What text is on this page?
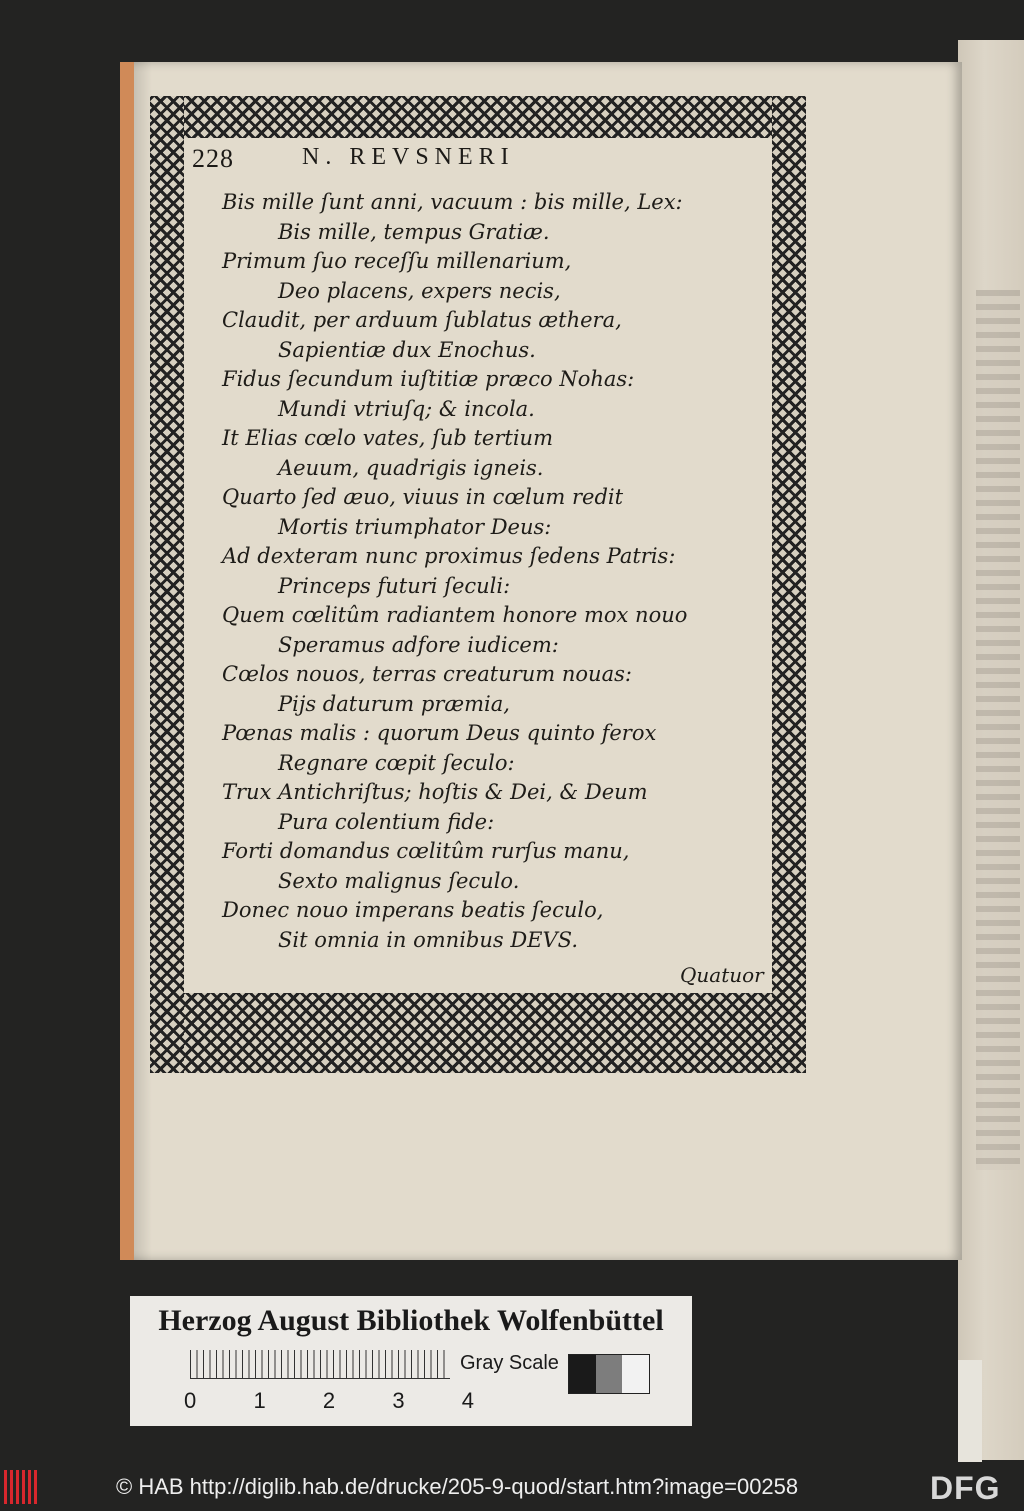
228	N. REVSNERI
Bis mille ſunt anni, vacuum : bis mille, Lex:
Bis mille, tempus Gratiæ.
Primum ſuo receſſu millenarium,
Deo placens, expers necis,
Claudit, per arduum ſublatus æthera,
Sapientiæ dux Enochus.
Fidus ſecundum iuſtitiæ præco Nohas:
Mundi vtriuſq; & incola.
It Elias cœlo vates, ſub tertium
Aeuum, quadrigis igneis.
Quarto ſed æuo, viuus in cœlum redit
Mortis triumphator Deus:
Ad dexteram nunc proximus ſedens Patris:
Princeps futuri ſeculi:
Quem cœlitûm radiantem honore mox nouo
Speramus adfore iudicem:
Cœlos nouos, terras creaturum nouas:
Pijs daturum præmia,
Pœnas malis : quorum Deus quinto ferox
Regnare cœpit ſeculo:
Trux Antichriſtus; hoſtis & Dei, & Deum
Pura colentium fide:
Forti domandus cœlitûm rurſus manu,
Sexto malignus ſeculo.
Donec nouo imperans beatis ſeculo,
Sit omnia in omnibus DEVS.
Quatuor
Herzog August Bibliothek Wolfenbüttel
0	1	2	3	4
Gray Scale
© HAB http://diglib.hab.de/drucke/205-9-quod/start.htm?image=00258	DFG
